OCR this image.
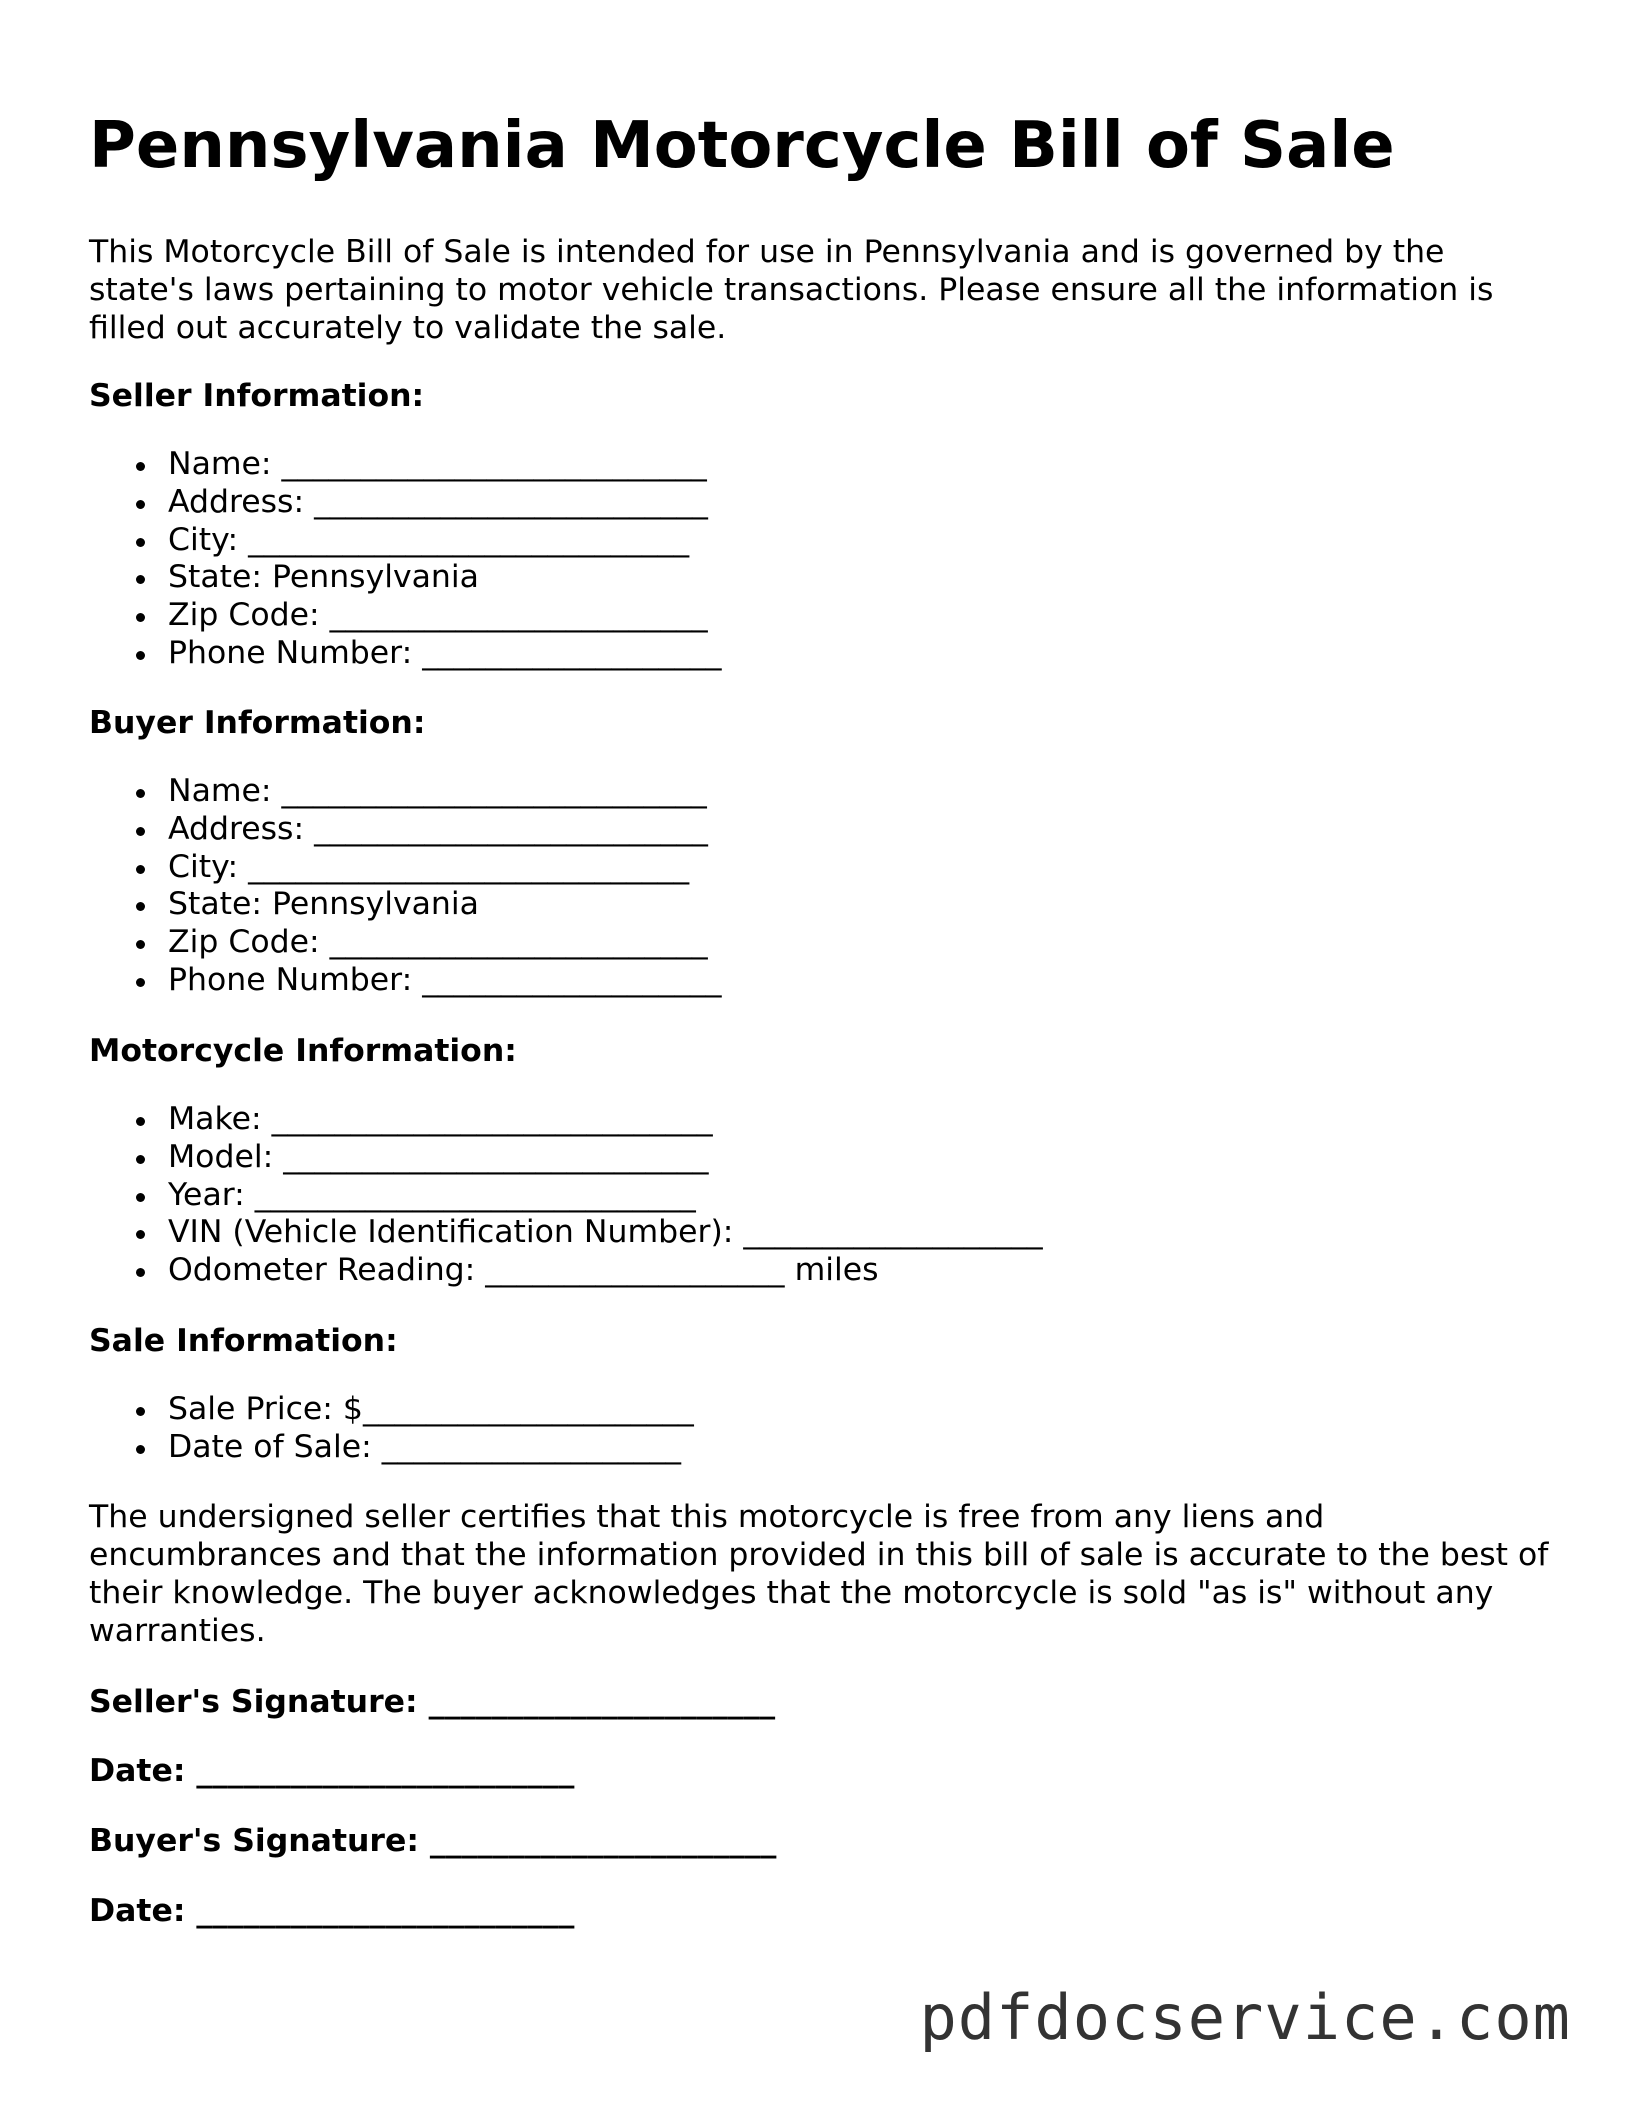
Pennsylvania Motorcycle Bill of Sale

This Motorcycle Bill of Sale is intended for use in Pennsylvania and is governed by the state's laws pertaining to motor vehicle transactions. Please ensure all the information is filled out accurately to validate the sale.

Seller Information:

Name: ___________________________
Address: _________________________
City: ____________________________
State: Pennsylvania
Zip Code: ________________________
Phone Number: ___________________

Buyer Information:

Name: ___________________________
Address: _________________________
City: ____________________________
State: Pennsylvania
Zip Code: ________________________
Phone Number: ___________________

Motorcycle Information:

Make: ____________________________
Model: ___________________________
Year: ____________________________
VIN (Vehicle Identification Number): ___________________
Odometer Reading: ___________________ miles

Sale Information:

Sale Price: $_____________________
Date of Sale: ___________________

The undersigned seller certifies that this motorcycle is free from any liens and encumbrances and that the information provided in this bill of sale is accurate to the best of their knowledge. The buyer acknowledges that the motorcycle is sold "as is" without any warranties.

Seller's Signature: ______________________

Date: ________________________

Buyer's Signature: ______________________

Date: ________________________

pdfdocservice.com
